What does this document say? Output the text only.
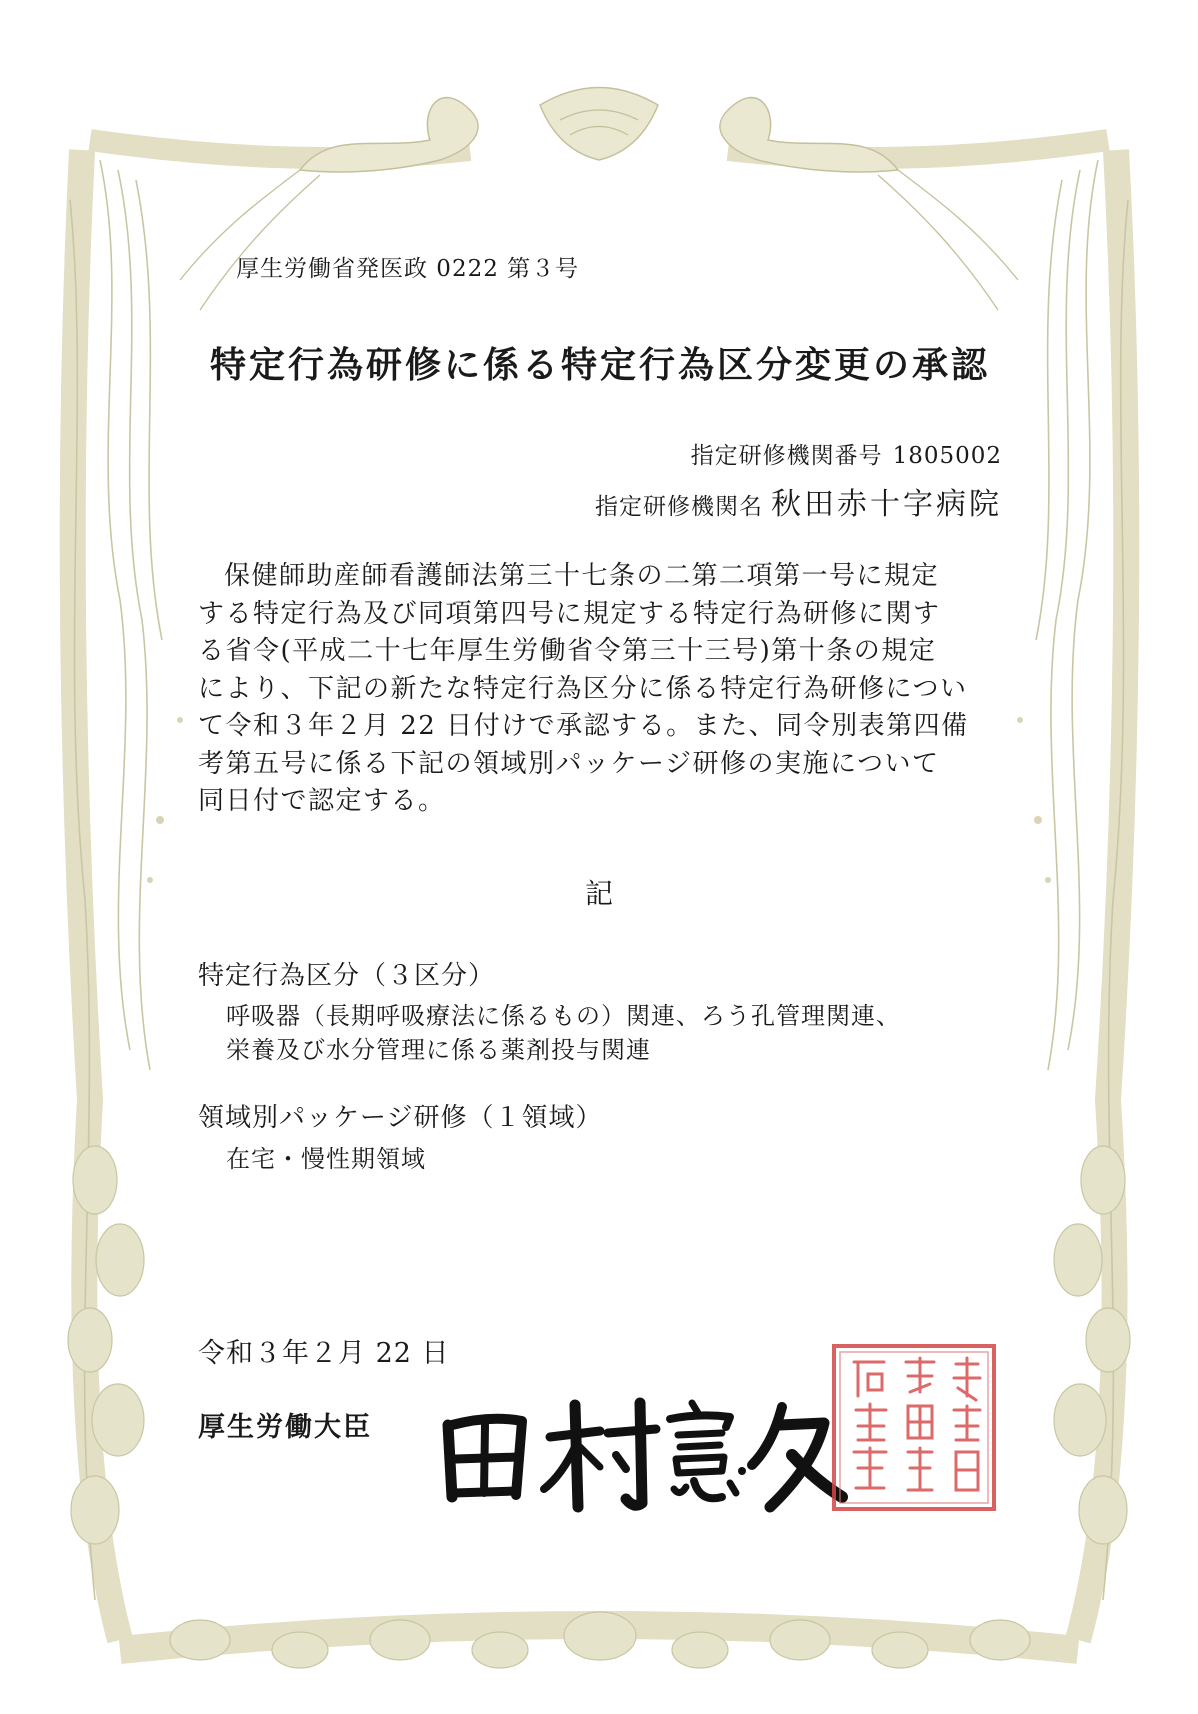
厚生労働省発医政 0222 第３号
特定行為研修に係る特定行為区分変更の承認
指定研修機関番号 1805002
指定研修機関名 秋田赤十字病院
保健師助産師看護師法第三十七条の二第二項第一号に規定
する特定行為及び同項第四号に規定する特定行為研修に関す
る省令(平成二十七年厚生労働省令第三十三号)第十条の規定
により、下記の新たな特定行為区分に係る特定行為研修につい
て令和３年２月 22 日付けで承認する。また、同令別表第四備
考第五号に係る下記の領域別パッケージ研修の実施について
同日付で認定する。
記
特定行為区分（３区分）
呼吸器（長期呼吸療法に係るもの）関連、ろう孔管理関連、
栄養及び水分管理に係る薬剤投与関連
領域別パッケージ研修（１領域）
在宅・慢性期領域
令和３年２月 22 日
厚生労働大臣
